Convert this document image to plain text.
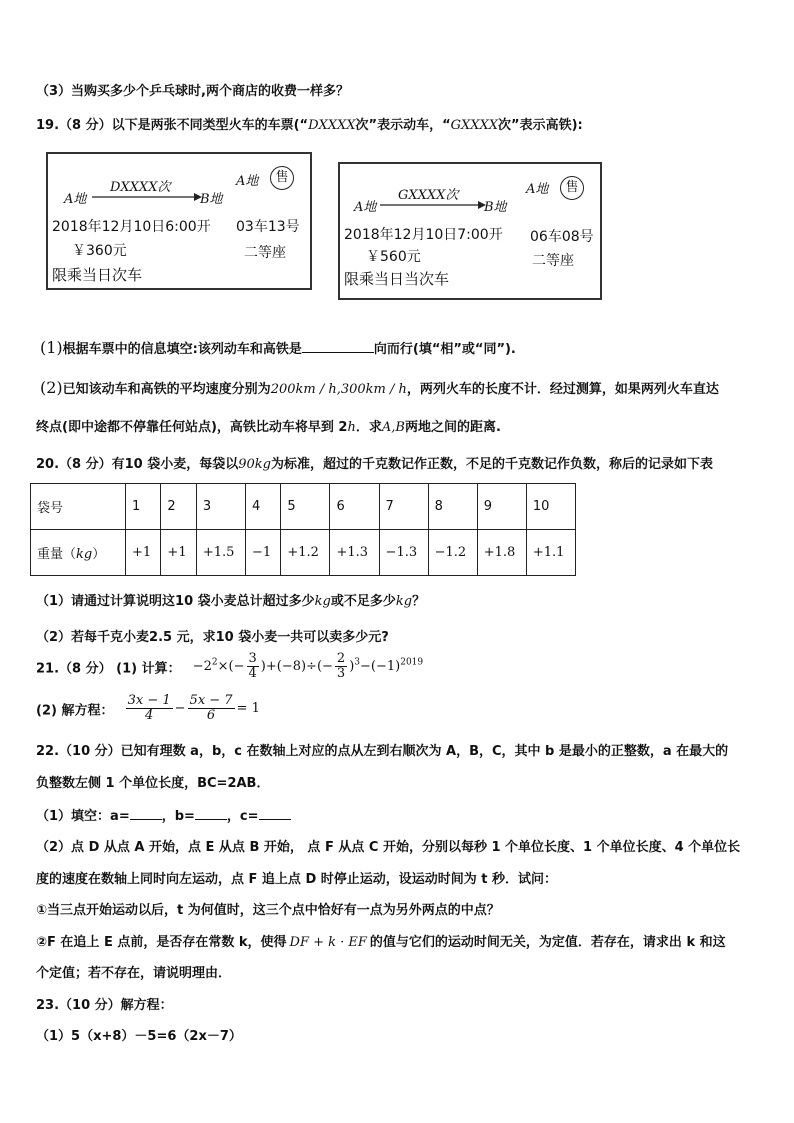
（3）当购买多少个乒乓球时,两个商店的收费一样多？
19.（8 分）以下是两张不同类型火车的车票(“DXXXX次”表示动车，“GXXXX次”表示高铁):
A地
DXXXX次
B地
A地	售
2018年12月10日6:00开 03车13号
￥360元	二等座
限乘当日次车
A地
GXXXX次
B地
A地	售
2018年12月10日7:00开 06车08号
￥560元	二等座
限乘当日当次车
(1)根据车票中的信息填空:该列动车和高铁是	向而行(填“相”或“同”).
(2)已知该动车和高铁的平均速度分别为200km / h,300km / h，两列火车的长度不计．经过测算，如果两列火车直达
终点(即中途都不停靠任何站点)，高铁比动车将早到 2h．求A,B两地之间的距离.
20.（8 分）有10 袋小麦，每袋以90kg为标准，超过的千克数记作正数，不足的千克数记作负数，称后的记录如下表
袋号	1	2	3	4	5	6	7	8	9	10
重量（kg）	+1	+1	+1.5	−1	+1.2	+1.3	−1.3	−1.2	+1.8	+1.1
（1）请通过计算说明这10 袋小麦总计超过多少kg或不足多少kg？
（2）若每千克小麦2.5 元，求10 袋小麦一共可以卖多少元?
21.（8 分） (1) 计算： $-2^2\times(- \frac{3}{4} )+(-8)\div(- \frac{2}{3} )^3-(-1)^{2019}$
(2) 解方程： $\frac{3x - 1}{4} - \frac{5x - 7}{6} = 1$
22.（10 分）已知有理数 a，b，c 在数轴上对应的点从左到右顺次为 A，B，C，其中 b 是最小的正整数，a 在最大的
负整数左侧 1 个单位长度，BC=2AB．
（1）填空：a= ，b= ，c=
（2）点 D 从点 A 开始，点 E 从点 B 开始， 点 F 从点 C 开始，分别以每秒 1 个单位长度、1 个单位长度、4 个单位长
度的速度在数轴上同时向左运动，点 F 追上点 D 时停止运动，设运动时间为 t 秒．试问：
①当三点开始运动以后，t 为何值时，这三个点中恰好有一点为另外两点的中点？
②F 在追上 E 点前，是否存在常数 k，使得 DF + k · EF 的值与它们的运动时间无关，为定值．若存在，请求出 k 和这
个定值；若不存在，请说明理由．
23.（10 分）解方程：
（1）5（x+8）－5=6（2x－7）
